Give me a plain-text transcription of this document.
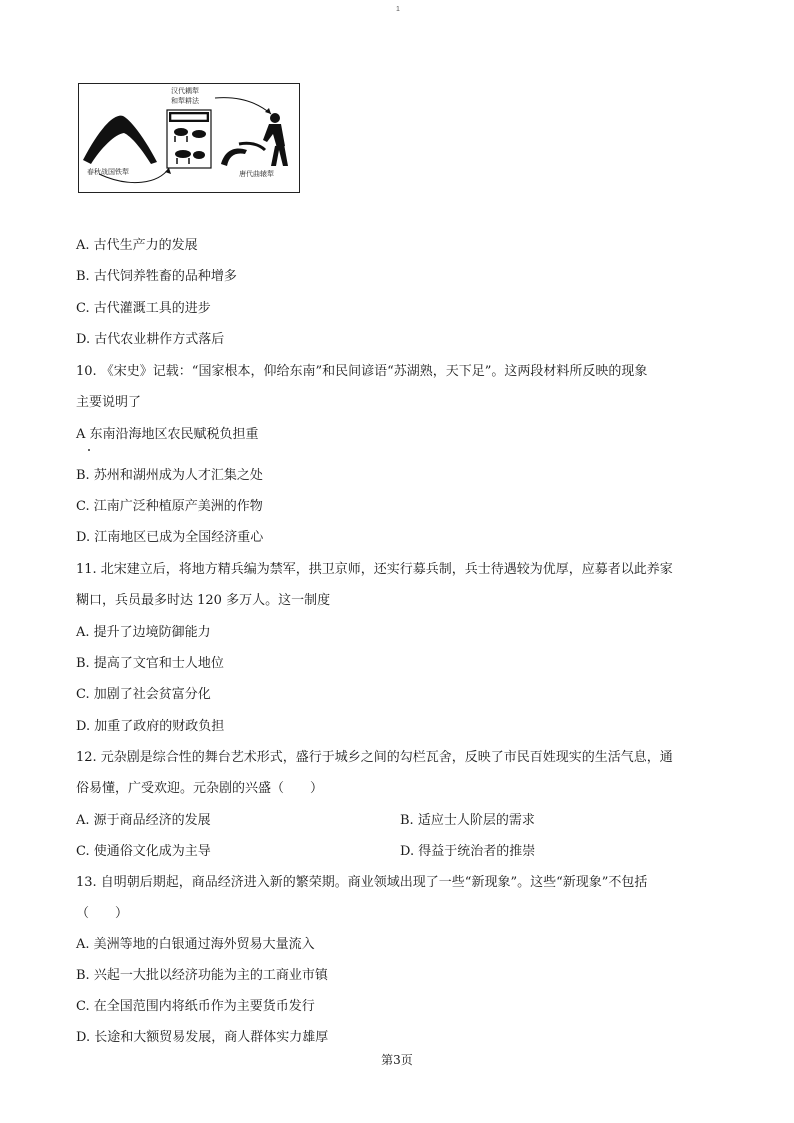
1
汉代耦犁
和犁耕法
春秋战国铁犁	唐代曲辕犁
A. 古代生产力的发展
B. 古代饲养牲畜的品种增多
C. 古代灌溉工具的进步
D. 古代农业耕作方式落后
10. 《宋史》记载：“国家根本，仰给东南”和民间谚语“苏湖熟，天下足”。这两段材料所反映的现象
主要说明了
A 东南沿海地区农民赋税负担重
B. 苏州和湖州成为人才汇集之处
C. 江南广泛种植原产美洲的作物
D. 江南地区已成为全国经济重心
11. 北宋建立后，将地方精兵编为禁军，拱卫京师，还实行募兵制，兵士待遇较为优厚，应募者以此养家
糊口，兵员最多时达 120 多万人。这一制度
A. 提升了边境防御能力
B. 提高了文官和士人地位
C. 加剧了社会贫富分化
D. 加重了政府的财政负担
12. 元杂剧是综合性的舞台艺术形式，盛行于城乡之间的勾栏瓦舍，反映了市民百姓现实的生活气息，通
俗易懂，广受欢迎。元杂剧的兴盛（　　）
A. 源于商品经济的发展	B. 适应士人阶层的需求
C. 使通俗文化成为主导	D. 得益于统治者的推崇
13. 自明朝后期起，商品经济进入新的繁荣期。商业领域出现了一些“新现象”。这些“新现象”不包括
（　　）
A. 美洲等地的白银通过海外贸易大量流入
B. 兴起一大批以经济功能为主的工商业市镇
C. 在全国范围内将纸币作为主要货币发行
D. 长途和大额贸易发展，商人群体实力雄厚
第3页
